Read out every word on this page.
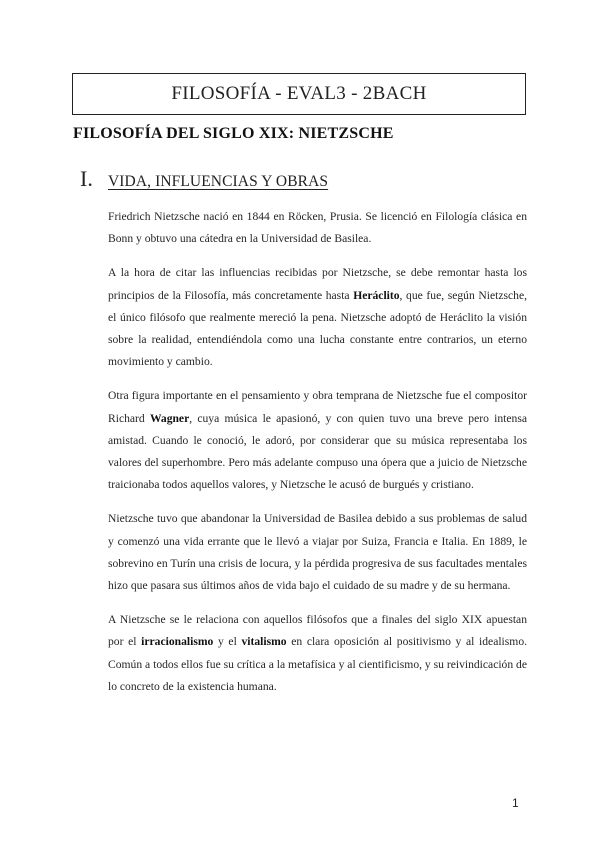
FILOSOFÍA - EVAL3 - 2BACH
FILOSOFÍA DEL SIGLO XIX: NIETZSCHE
I. VIDA, INFLUENCIAS Y OBRAS

Friedrich Nietzsche nació en 1844 en Röcken, Prusia. Se licenció en Filología clásica en Bonn y obtuvo una cátedra en la Universidad de Basilea.

A la hora de citar las influencias recibidas por Nietzsche, se debe remontar hasta los principios de la Filosofía, más concretamente hasta Heráclito, que fue, según Nietzsche, el único filósofo que realmente mereció la pena. Nietzsche adoptó de Heráclito la visión sobre la realidad, entendiéndola como una lucha constante entre contrarios, un eterno movimiento y cambio.

Otra figura importante en el pensamiento y obra temprana de Nietzsche fue el compositor Richard Wagner, cuya música le apasionó, y con quien tuvo una breve pero intensa amistad. Cuando le conoció, le adoró, por considerar que su música representaba los valores del superhombre. Pero más adelante compuso una ópera que a juicio de Nietzsche traicionaba todos aquellos valores, y Nietzsche le acusó de burgués y cristiano.

Nietzsche tuvo que abandonar la Universidad de Basilea debido a sus problemas de salud y comenzó una vida errante que le llevó a viajar por Suiza, Francia e Italia. En 1889, le sobrevino en Turín una crisis de locura, y la pérdida progresiva de sus facultades mentales hizo que pasara sus últimos años de vida bajo el cuidado de su madre y de su hermana.

A Nietzsche se le relaciona con aquellos filósofos que a finales del siglo XIX apuestan por el irracionalismo y el vitalismo en clara oposición al positivismo y al idealismo. Común a todos ellos fue su crítica a la metafísica y al cientificismo, y su reivindicación de lo concreto de la existencia humana.

1
